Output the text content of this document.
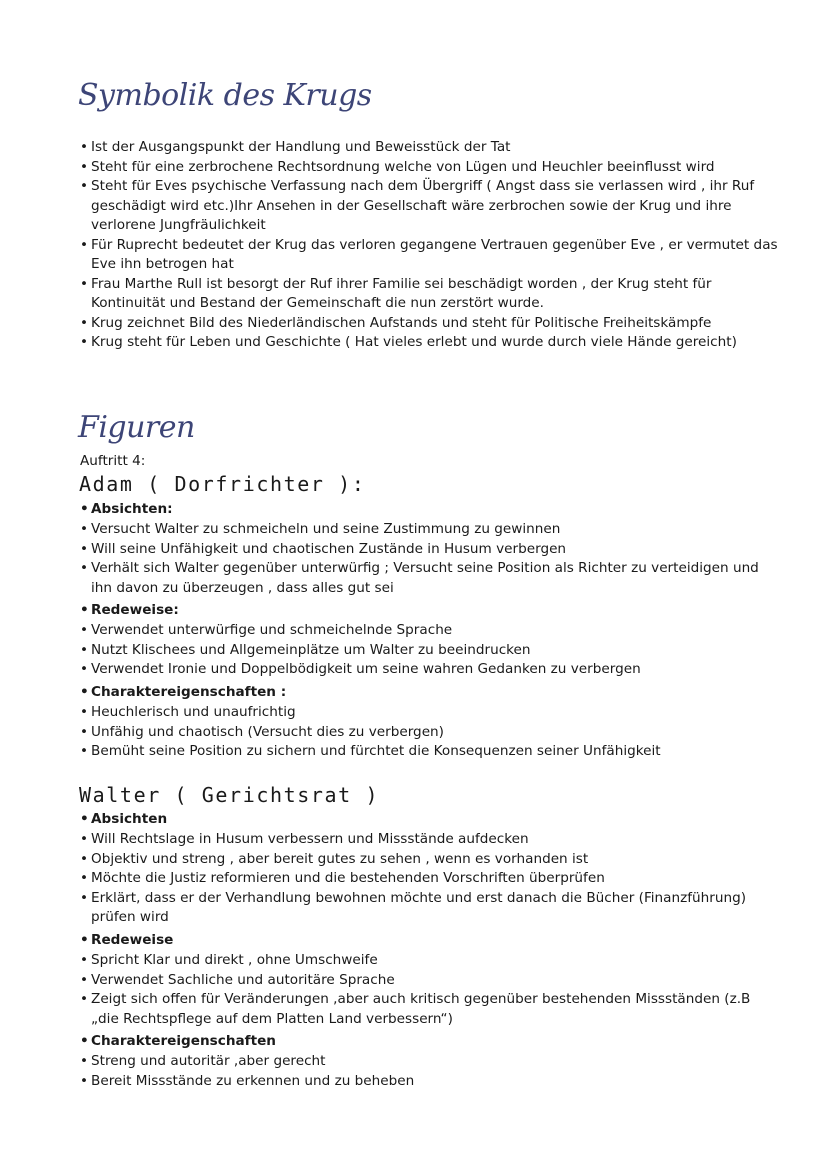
Symbolik des Krugs
• Ist der Ausgangspunkt der Handlung und Beweisstück der Tat
• Steht für eine zerbrochene Rechtsordnung welche von Lügen und Heuchler beeinflusst wird
• Steht für Eves psychische Verfassung nach dem Übergriff ( Angst dass sie verlassen wird , ihr Ruf geschädigt wird etc.)Ihr Ansehen in der Gesellschaft wäre zerbrochen sowie der Krug und ihre verlorene Jungfräulichkeit
• Für Ruprecht bedeutet der Krug das verloren gegangene Vertrauen gegenüber Eve , er vermutet das Eve ihn betrogen hat
• Frau Marthe Rull ist besorgt der Ruf ihrer Familie sei beschädigt worden , der Krug steht für Kontinuität und Bestand der Gemeinschaft die nun zerstört wurde.
• Krug zeichnet Bild des Niederländischen Aufstands und steht für Politische Freiheitskämpfe
• Krug steht für Leben und Geschichte ( Hat vieles erlebt und wurde durch viele Hände gereicht)
Figuren
Auftritt 4:
Adam ( Dorfrichter ):
• Absichten:
• Versucht Walter zu schmeicheln und seine Zustimmung zu gewinnen
• Will seine Unfähigkeit und chaotischen Zustände in Husum verbergen
• Verhält sich Walter gegenüber unterwürfig ; Versucht seine Position als Richter zu verteidigen und ihn davon zu überzeugen , dass alles gut sei
• Redeweise:
• Verwendet unterwürfige und schmeichelnde Sprache
• Nutzt Klischees und Allgemeinplätze um Walter zu beeindrucken
• Verwendet Ironie und Doppelbödigkeit um seine wahren Gedanken zu verbergen
• Charaktereigenschaften :
• Heuchlerisch und unaufrichtig
• Unfähig und chaotisch (Versucht dies zu verbergen)
• Bemüht seine Position zu sichern und fürchtet die Konsequenzen seiner Unfähigkeit
Walter ( Gerichtsrat )
• Absichten
• Will Rechtslage in Husum verbessern und Missstände aufdecken
• Objektiv und streng , aber bereit gutes zu sehen , wenn es vorhanden ist
• Möchte die Justiz reformieren und die bestehenden Vorschriften überprüfen
• Erklärt, dass er der Verhandlung bewohnen möchte und erst danach die Bücher (Finanzführung) prüfen wird
• Redeweise
• Spricht Klar und direkt , ohne Umschweife
• Verwendet Sachliche und autoritäre Sprache
• Zeigt sich offen für Veränderungen ,aber auch kritisch gegenüber bestehenden Missständen (z.B „die Rechtspflege auf dem Platten Land verbessern“)
• Charaktereigenschaften
• Streng und autoritär ,aber gerecht
• Bereit Missstände zu erkennen und zu beheben
